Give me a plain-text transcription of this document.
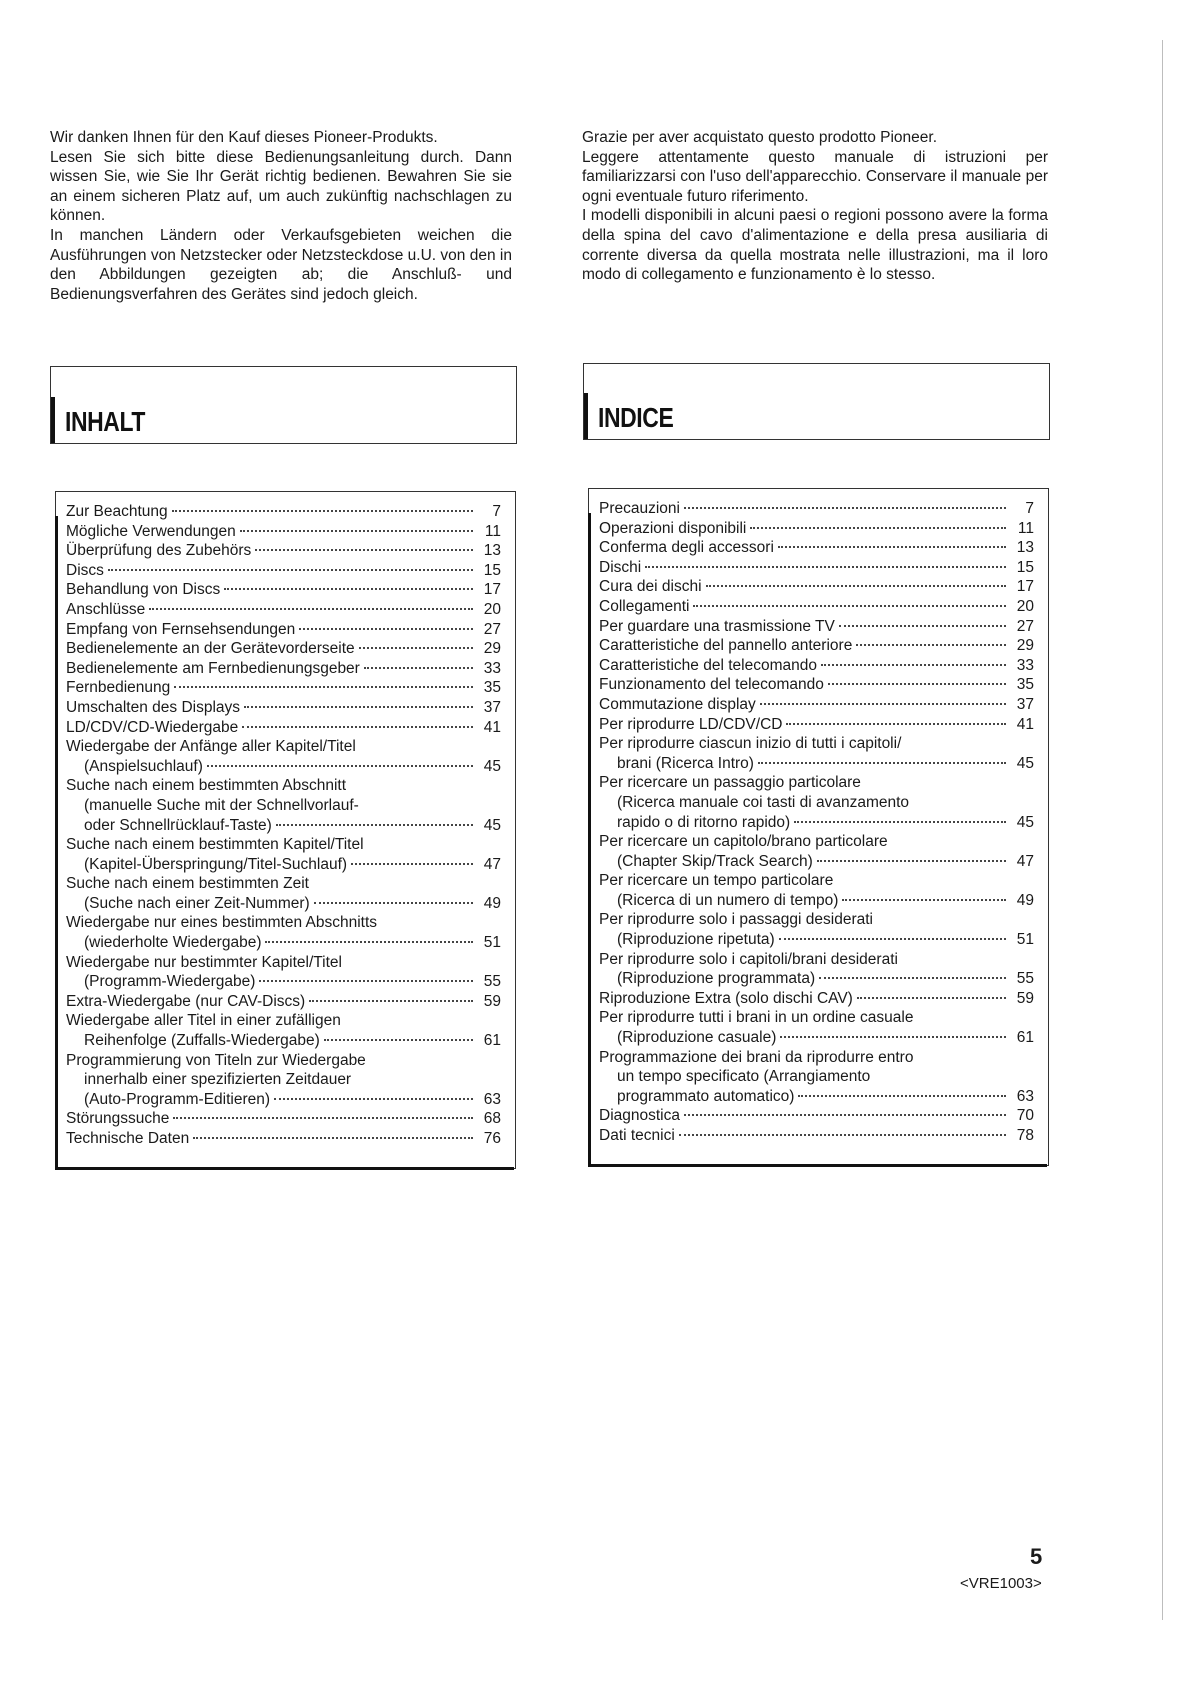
Wir danken Ihnen für den Kauf dieses Pioneer-Produkts.

Lesen Sie sich bitte diese Bedienungsanleitung durch. Dann wissen Sie, wie Sie Ihr Gerät richtig bedienen. Bewahren Sie sie an einem sicheren Platz auf, um auch zukünftig nachschlagen zu können.

In manchen Ländern oder Verkaufsgebieten weichen die Ausführungen von Netzstecker oder Netzsteckdose u.U. von den in den Abbildungen gezeigten ab; die Anschluß- und Bedienungsverfahren des Gerätes sind jedoch gleich.

Grazie per aver acquistato questo prodotto Pioneer.

Leggere attentamente questo manuale di istruzioni per familiarizzarsi con l'uso dell'apparecchio. Conservare il manuale per ogni eventuale futuro riferimento.

I modelli disponibili in alcuni paesi o regioni possono avere la forma della spina del cavo d'alimentazione e della presa ausiliaria di corrente diversa da quella mostrata nelle illustrazioni, ma il loro modo di collegamento e funzionamento è lo stesso.

INHALT	INDICE
Zur Beachtung	7
Mögliche Verwendungen	11
Überprüfung des Zubehörs	13
Discs	15
Behandlung von Discs	17
Anschlüsse	20
Empfang von Fernsehsendungen	27
Bedienelemente an der Gerätevorderseite	29
Bedienelemente am Fernbedienungsgeber	33
Fernbedienung	35
Umschalten des Displays	37
LD/CDV/CD-Wiedergabe	41
Wiedergabe der Anfänge aller Kapitel/Titel
(Anspielsuchlauf)	45
Suche nach einem bestimmten Abschnitt
(manuelle Suche mit der Schnellvorlauf-
oder Schnellrücklauf-Taste)	45
Suche nach einem bestimmten Kapitel/Titel
(Kapitel-Überspringung/Titel-Suchlauf)	47
Suche nach einem bestimmten Zeit
(Suche nach einer Zeit-Nummer)	49
Wiedergabe nur eines bestimmten Abschnitts
(wiederholte Wiedergabe)	51
Wiedergabe nur bestimmter Kapitel/Titel
(Programm-Wiedergabe)	55
Extra-Wiedergabe (nur CAV-Discs)	59
Wiedergabe aller Titel in einer zufälligen
Reihenfolge (Zuffalls-Wiedergabe)	61
Programmierung von Titeln zur Wiedergabe
innerhalb einer spezifizierten Zeitdauer
(Auto-Programm-Editieren)	63
Störungssuche	68
Technische Daten	76
Precauzioni	7
Operazioni disponibili	11
Conferma degli accessori	13
Dischi	15
Cura dei dischi	17
Collegamenti	20
Per guardare una trasmissione TV	27
Caratteristiche del pannello anteriore	29
Caratteristiche del telecomando	33
Funzionamento del telecomando	35
Commutazione display	37
Per riprodurre LD/CDV/CD	41
Per riprodurre ciascun inizio di tutti i capitoli/
brani (Ricerca Intro)	45
Per ricercare un passaggio particolare
(Ricerca manuale coi tasti di avanzamento
rapido o di ritorno rapido)	45
Per ricercare un capitolo/brano particolare
(Chapter Skip/Track Search)	47
Per ricercare un tempo particolare
(Ricerca di un numero di tempo)	49
Per riprodurre solo i passaggi desiderati
(Riproduzione ripetuta)	51
Per riprodurre solo i capitoli/brani desiderati
(Riproduzione programmata)	55
Riproduzione Extra (solo dischi CAV)	59
Per riprodurre tutti i brani in un ordine casuale
(Riproduzione casuale)	61
Programmazione dei brani da riprodurre entro
un tempo specificato (Arrangiamento
programmato automatico)	63
Diagnostica	70
Dati tecnici	78
5
<VRE1003>
